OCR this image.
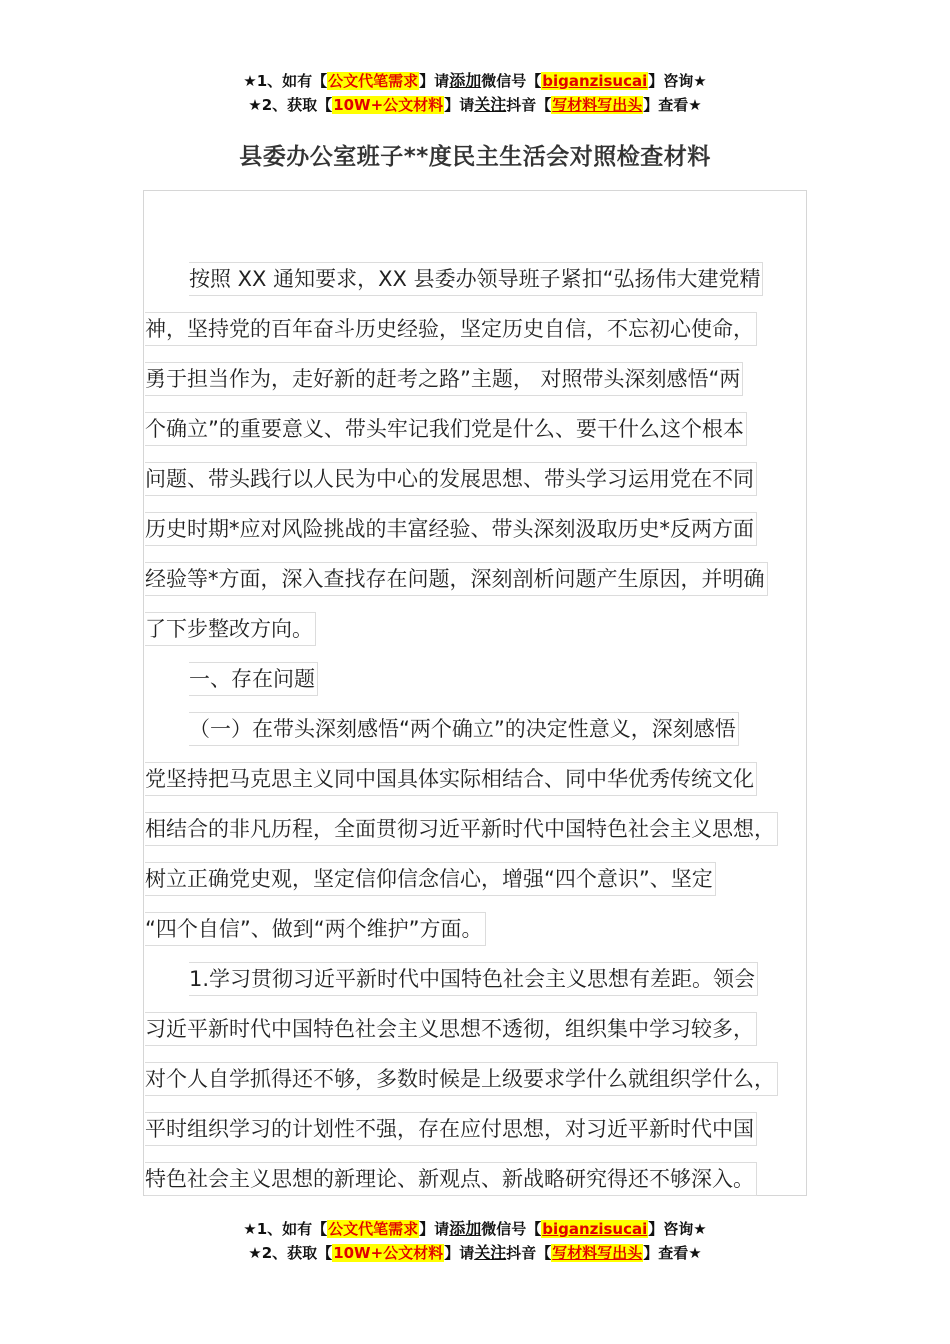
★1、如有【公文代笔需求】请添加微信号【biganzisucai】咨询★
★2、获取【10W+公文材料】请关注抖音【写材料写出头】查看★
县委办公室班子**度民主生活会对照检查材料
按照 XX 通知要求，XX 县委办领导班子紧扣“弘扬伟大建党精
神，坚持党的百年奋斗历史经验，坚定历史自信，不忘初心使命，
勇于担当作为，走好新的赶考之路”主题， 对照带头深刻感悟“两
个确立”的重要意义、带头牢记我们党是什么、要干什么这个根本
问题、带头践行以人民为中心的发展思想、带头学习运用党在不同
历史时期*应对风险挑战的丰富经验、带头深刻汲取历史*反两方面
经验等*方面，深入查找存在问题，深刻剖析问题产生原因，并明确
了下步整改方向。
一、存在问题
（一）在带头深刻感悟“两个确立”的决定性意义，深刻感悟
党坚持把马克思主义同中国具体实际相结合、同中华优秀传统文化
相结合的非凡历程，全面贯彻习近平新时代中国特色社会主义思想，
树立正确党史观，坚定信仰信念信心，增强“四个意识”、坚定
“四个自信”、做到“两个维护”方面。
1.学习贯彻习近平新时代中国特色社会主义思想有差距。领会
习近平新时代中国特色社会主义思想不透彻，组织集中学习较多，
对个人自学抓得还不够，多数时候是上级要求学什么就组织学什么，
平时组织学习的计划性不强，存在应付思想，对习近平新时代中国
特色社会主义思想的新理论、新观点、新战略研究得还不够深入。
★1、如有【公文代笔需求】请添加微信号【biganzisucai】咨询★
★2、获取【10W+公文材料】请关注抖音【写材料写出头】查看★
